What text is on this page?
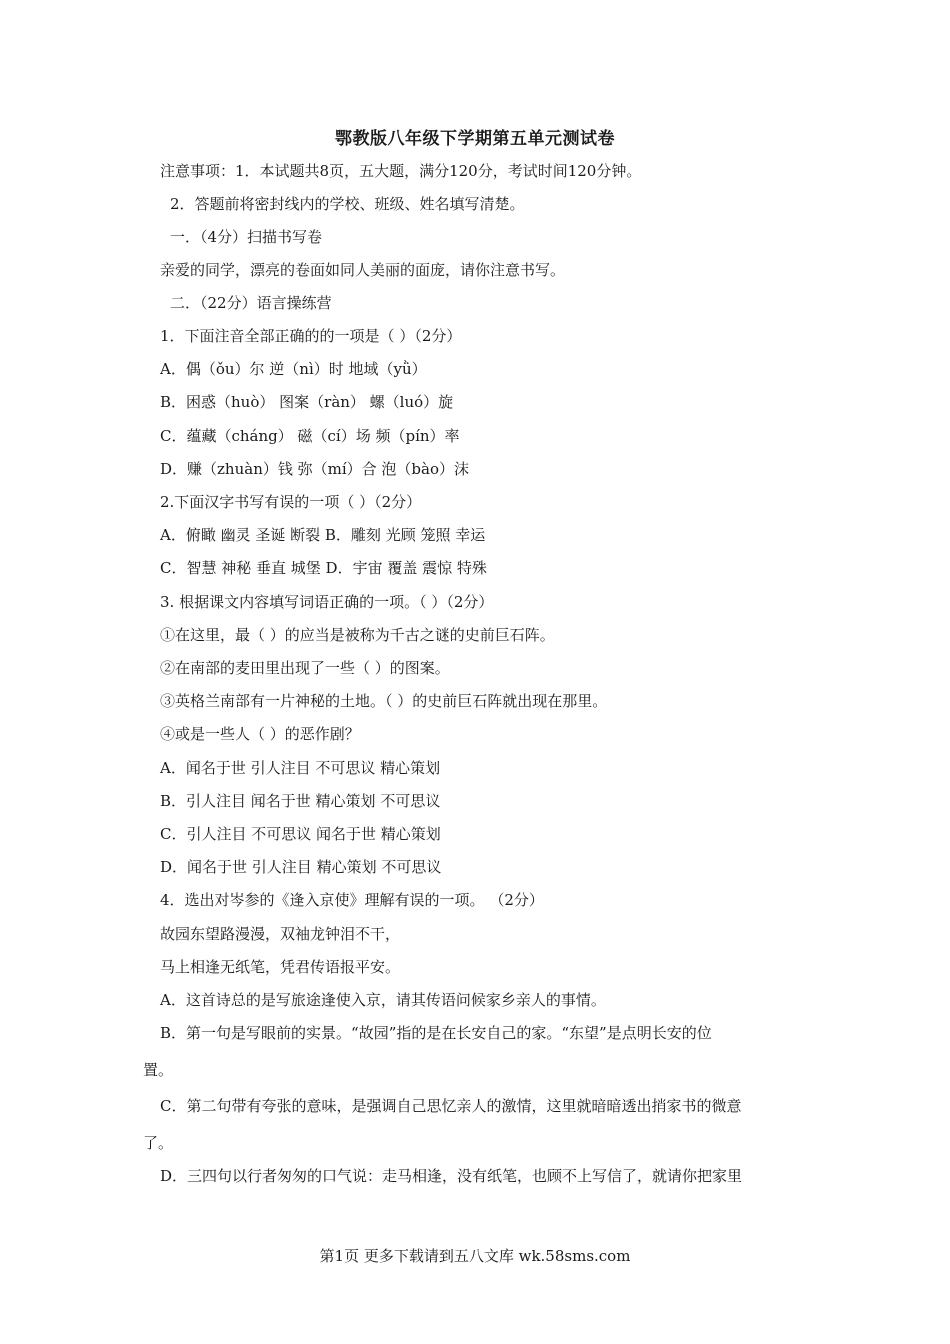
鄂教版八年级下学期第五单元测试卷
注意事项：1．本试题共8页，五大题，满分120分，考试时间120分钟。
2．答题前将密封线内的学校、班级、姓名填写清楚。
一．（4分）扫描书写卷
亲爱的同学，漂亮的卷面如同人美丽的面庞，请你注意书写。
二．（22分）语言操练营
1．下面注音全部正确的的一项是（ ）（2分）
A．偶（ǒu）尔 逆（nì）时 地域（yǜ）
B．困惑（huò） 图案（ràn） 螺（luó）旋
C．蕴藏（cháng） 磁（cí）场 频（pín）率
D．赚（zhuàn）钱 弥（mí）合 泡（bào）沫
2.下面汉字书写有误的一项（ ）（2分）
A．俯瞰 幽灵 圣诞 断裂 B．雕刻 光顾 笼照 幸运
C．智慧 神秘 垂直 城堡 D．宇宙 覆盖 震惊 特殊
3. 根据课文内容填写词语正确的一项。（ ）（2分）
①在这里，最（ ）的应当是被称为千古之谜的史前巨石阵。
②在南部的麦田里出现了一些（ ）的图案。
③英格兰南部有一片神秘的土地。（ ）的史前巨石阵就出现在那里。
④或是一些人（ ）的恶作剧？
A．闻名于世 引人注目 不可思议 精心策划
B．引人注目 闻名于世 精心策划 不可思议
C．引人注目 不可思议 闻名于世 精心策划
D．闻名于世 引人注目 精心策划 不可思议
4．选出对岑参的《逢入京使》理解有误的一项。 （2分）
故园东望路漫漫，双袖龙钟泪不干，
马上相逢无纸笔，凭君传语报平安。
A．这首诗总的是写旅途逢使入京，请其传语问候家乡亲人的事情。
B．第一句是写眼前的实景。“故园”指的是在长安自己的家。“东望”是点明长安的位
置。
C．第二句带有夸张的意味，是强调自己思忆亲人的激情，这里就暗暗透出捎家书的微意
了。
D．三四句以行者匆匆的口气说：走马相逢，没有纸笔，也顾不上写信了，就请你把家里
第1页 更多下载请到五八文库 wk.58sms.com
